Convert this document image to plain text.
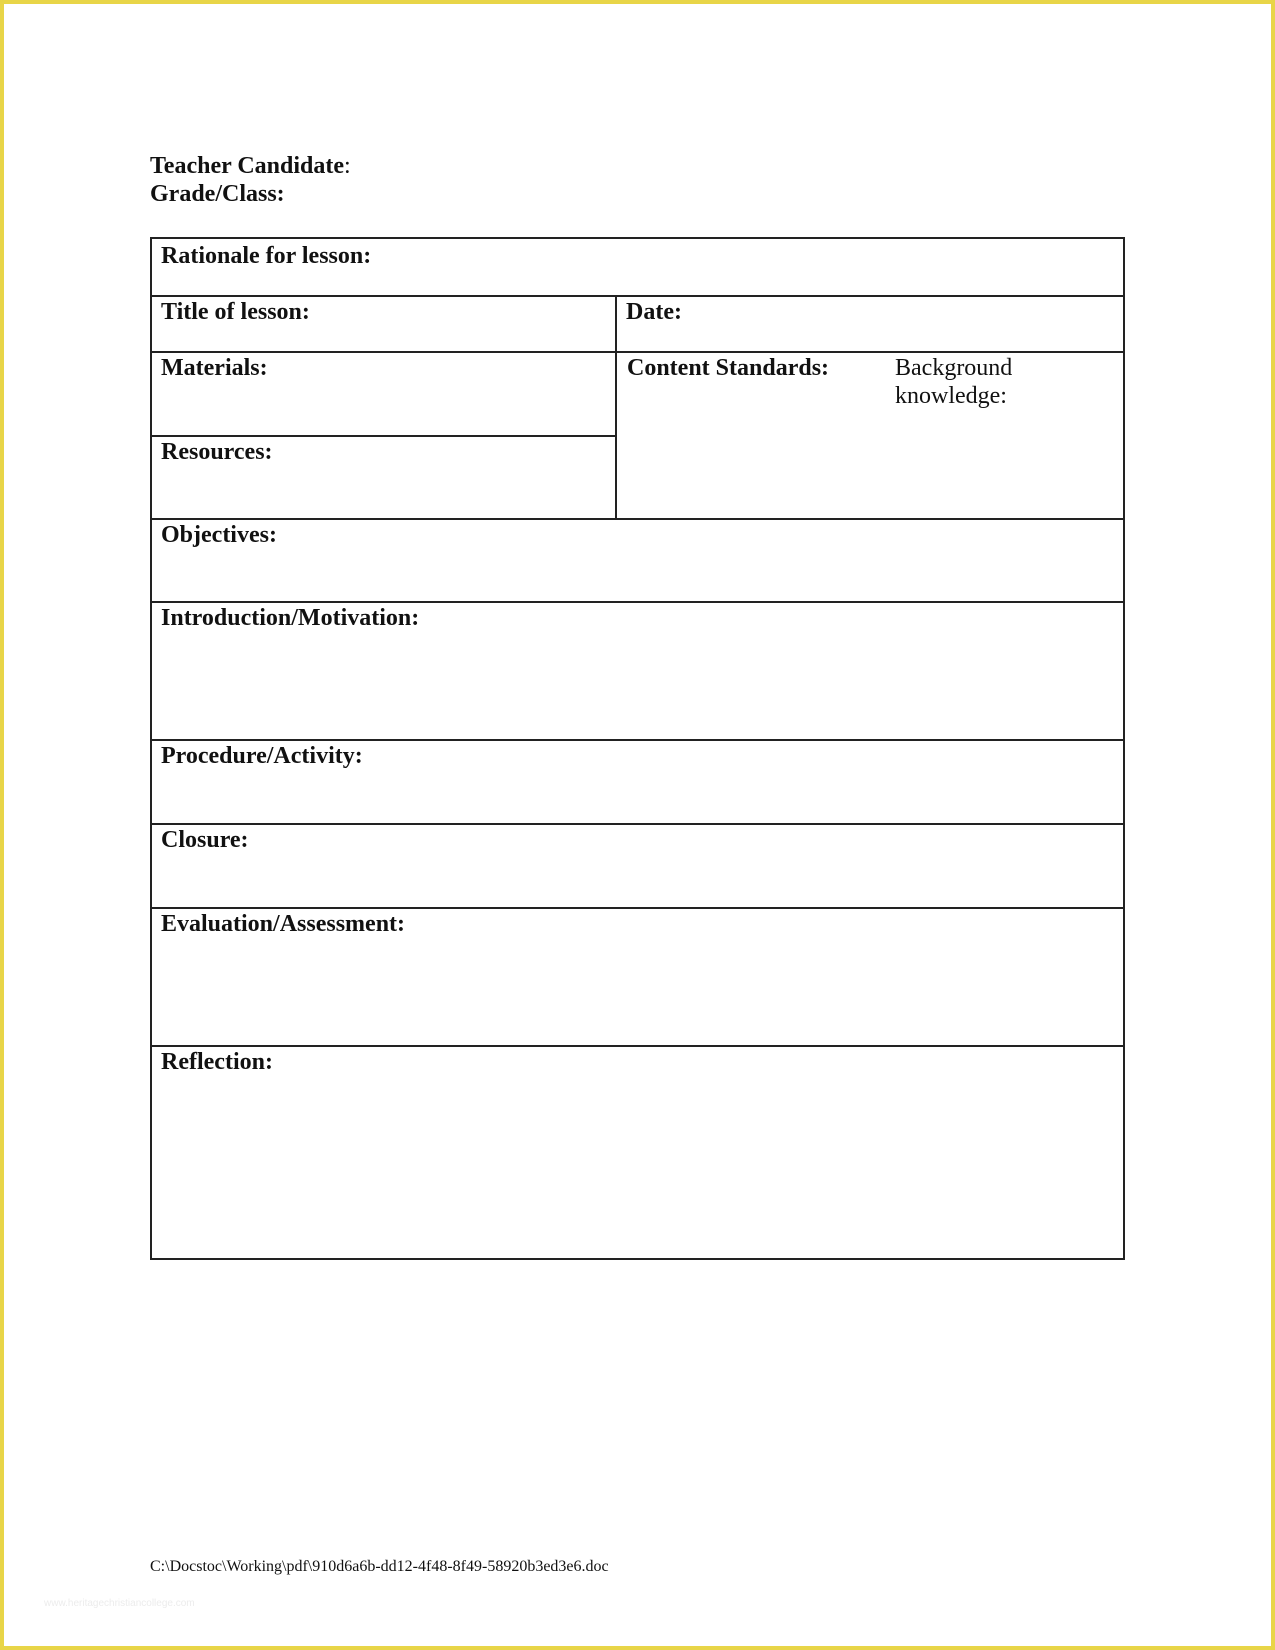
Teacher Candidate:
Grade/Class:
Rationale for lesson:
Title of lesson:	Date:
Materials:	Content Standards:	Background
knowledge:
Resources:
Objectives:
Introduction/Motivation:
Procedure/Activity:
Closure:
Evaluation/Assessment:
Reflection:
C:\Docstoc\Working\pdf\910d6a6b-dd12-4f48-8f49-58920b3ed3e6.doc
www.heritagechristiancollege.com
